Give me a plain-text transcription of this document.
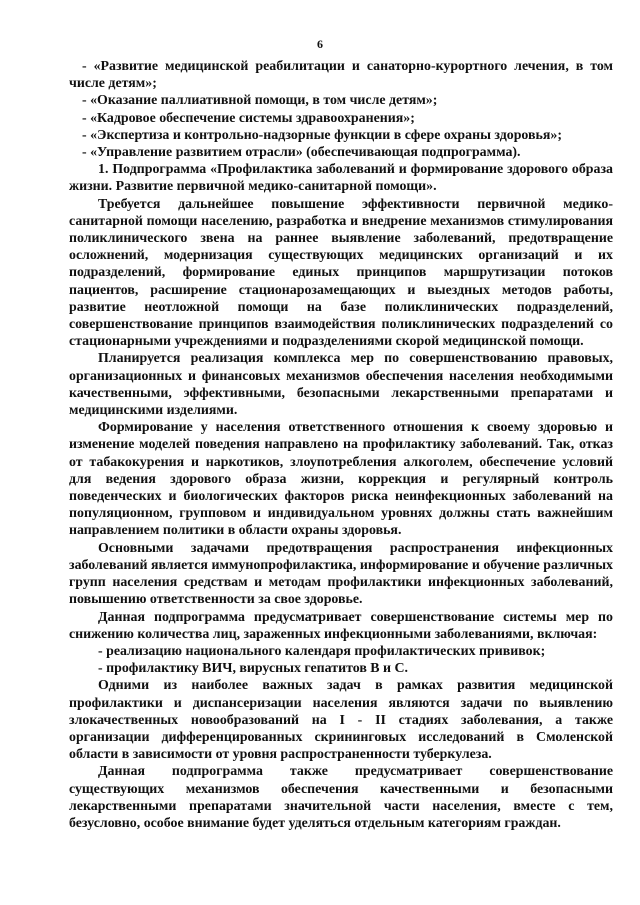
6

- «Развитие медицинской реабилитации и санаторно-курортного лечения, в том числе детям»;

- «Оказание паллиативной помощи, в том числе детям»;

- «Кадровое обеспечение системы здравоохранения»;

- «Экспертиза и контрольно-надзорные функции в сфере охраны здоровья»;

- «Управление развитием отрасли» (обеспечивающая подпрограмма).

1. Подпрограмма «Профилактика заболеваний и формирование здорового образа жизни. Развитие первичной медико-санитарной помощи».

Требуется дальнейшее повышение эффективности первичной медико-санитарной помощи населению, разработка и внедрение механизмов стимулирования поликлинического звена на раннее выявление заболеваний, предотвращение осложнений, модернизация существующих медицинских организаций и их подразделений, формирование единых принципов маршрутизации потоков пациентов, расширение стационарозамещающих и выездных методов работы, развитие неотложной помощи на базе поликлинических подразделений, совершенствование принципов взаимодействия поликлинических подразделений со стационарными учреждениями и подразделениями скорой медицинской помощи.

Планируется реализация комплекса мер по совершенствованию правовых, организационных и финансовых механизмов обеспечения населения необходимыми качественными, эффективными, безопасными лекарственными препаратами и медицинскими изделиями.

Формирование у населения ответственного отношения к своему здоровью и изменение моделей поведения направлено на профилактику заболеваний. Так, отказ от табакокурения и наркотиков, злоупотребления алкоголем, обеспечение условий для ведения здорового образа жизни, коррекция и регулярный контроль поведенческих и биологических факторов риска неинфекционных заболеваний на популяционном, групповом и индивидуальном уровнях должны стать важнейшим направлением политики в области охраны здоровья.

Основными задачами предотвращения распространения инфекционных заболеваний является иммунопрофилактика, информирование и обучение различных групп населения средствам и методам профилактики инфекционных заболеваний, повышению ответственности за свое здоровье.

Данная подпрограмма предусматривает совершенствование системы мер по снижению количества лиц, зараженных инфекционными заболеваниями, включая:

- реализацию национального календаря профилактических прививок;

- профилактику ВИЧ, вирусных гепатитов В и С.

Одними из наиболее важных задач в рамках развития медицинской профилактики и диспансеризации населения являются задачи по выявлению злокачественных новообразований на I - II стадиях заболевания, а также организации дифференцированных скрининговых исследований в Смоленской области в зависимости от уровня распространенности туберкулеза.

Данная подпрограмма также предусматривает совершенствование существующих механизмов обеспечения качественными и безопасными лекарственными препаратами значительной части населения, вместе с тем, безусловно, особое внимание будет уделяться отдельным категориям граждан.
